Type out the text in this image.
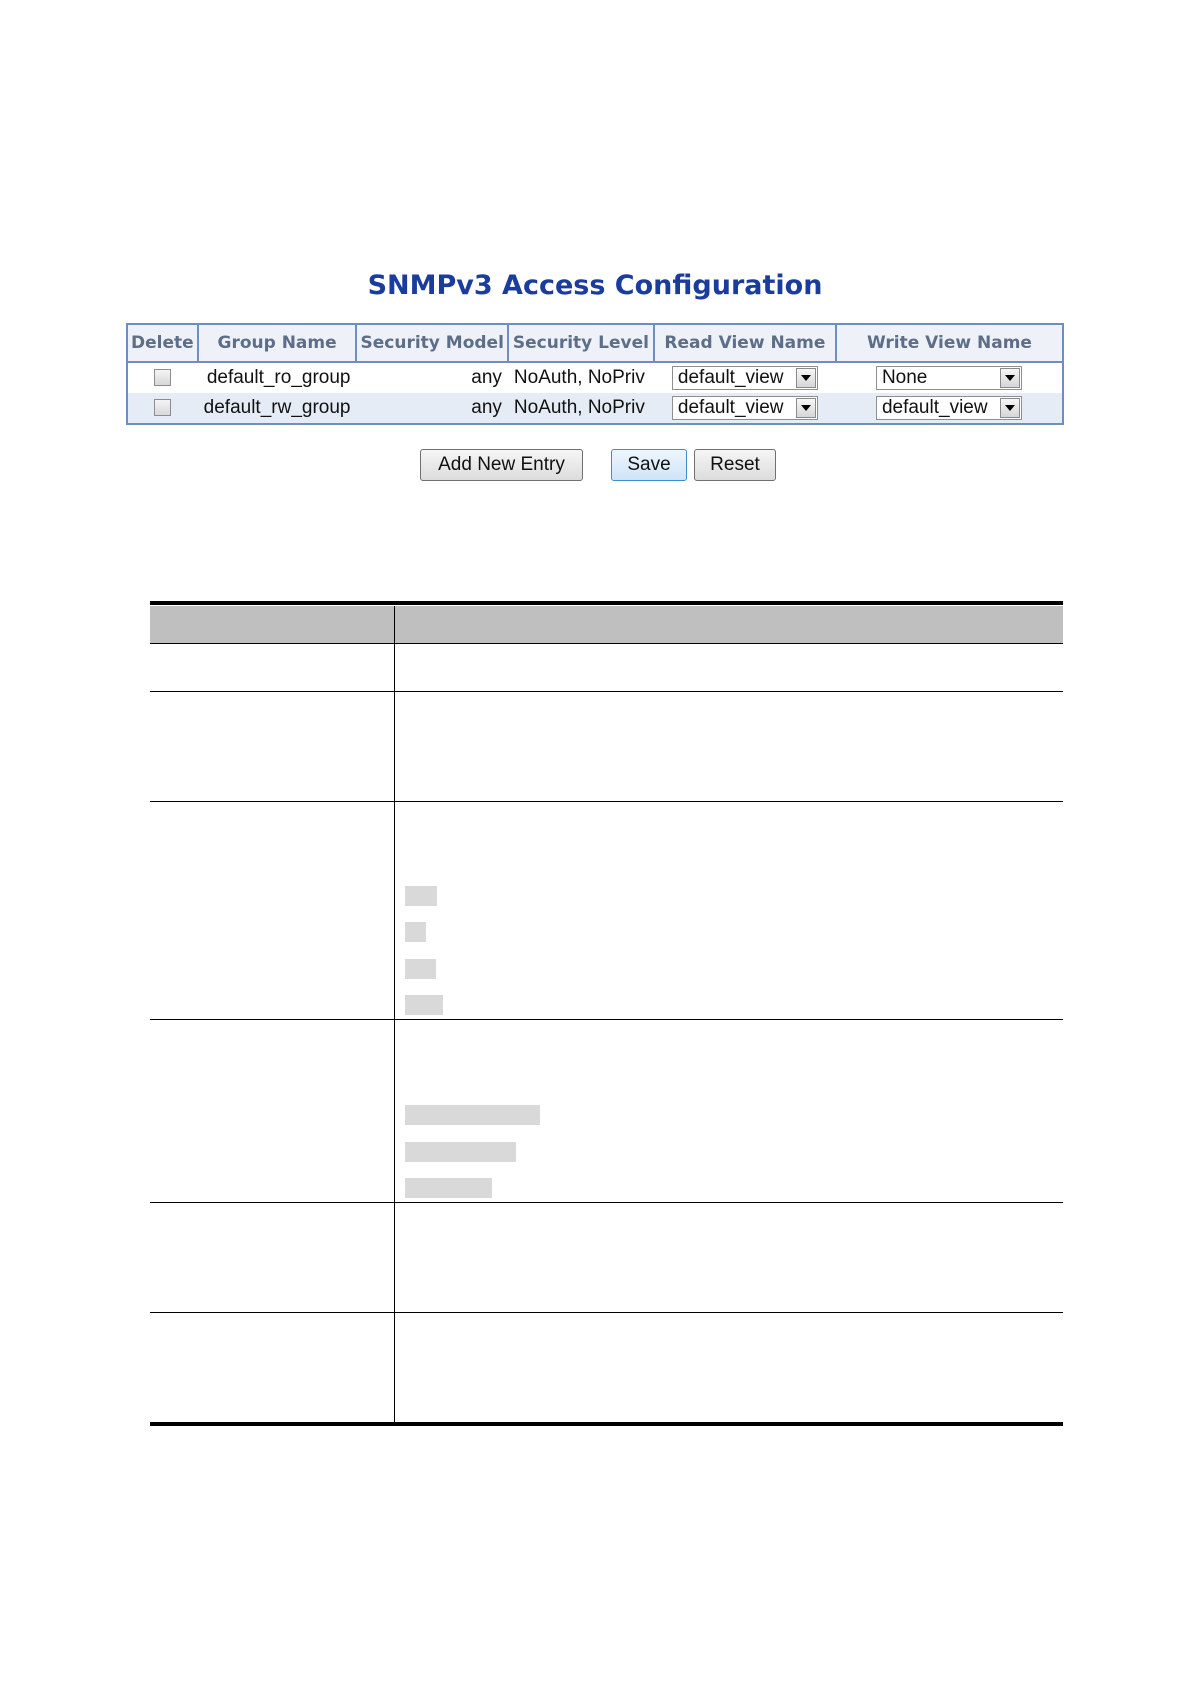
SNMPv3 Access Configuration
Delete	Group Name	Security Model	Security Level	Read View Name	Write View Name
	default_ro_group	any	NoAuth, NoPriv	default_view	None

	default_rw_group	any	NoAuth, NoPriv	default_view	default_view
Add New Entry	Save	Reset
